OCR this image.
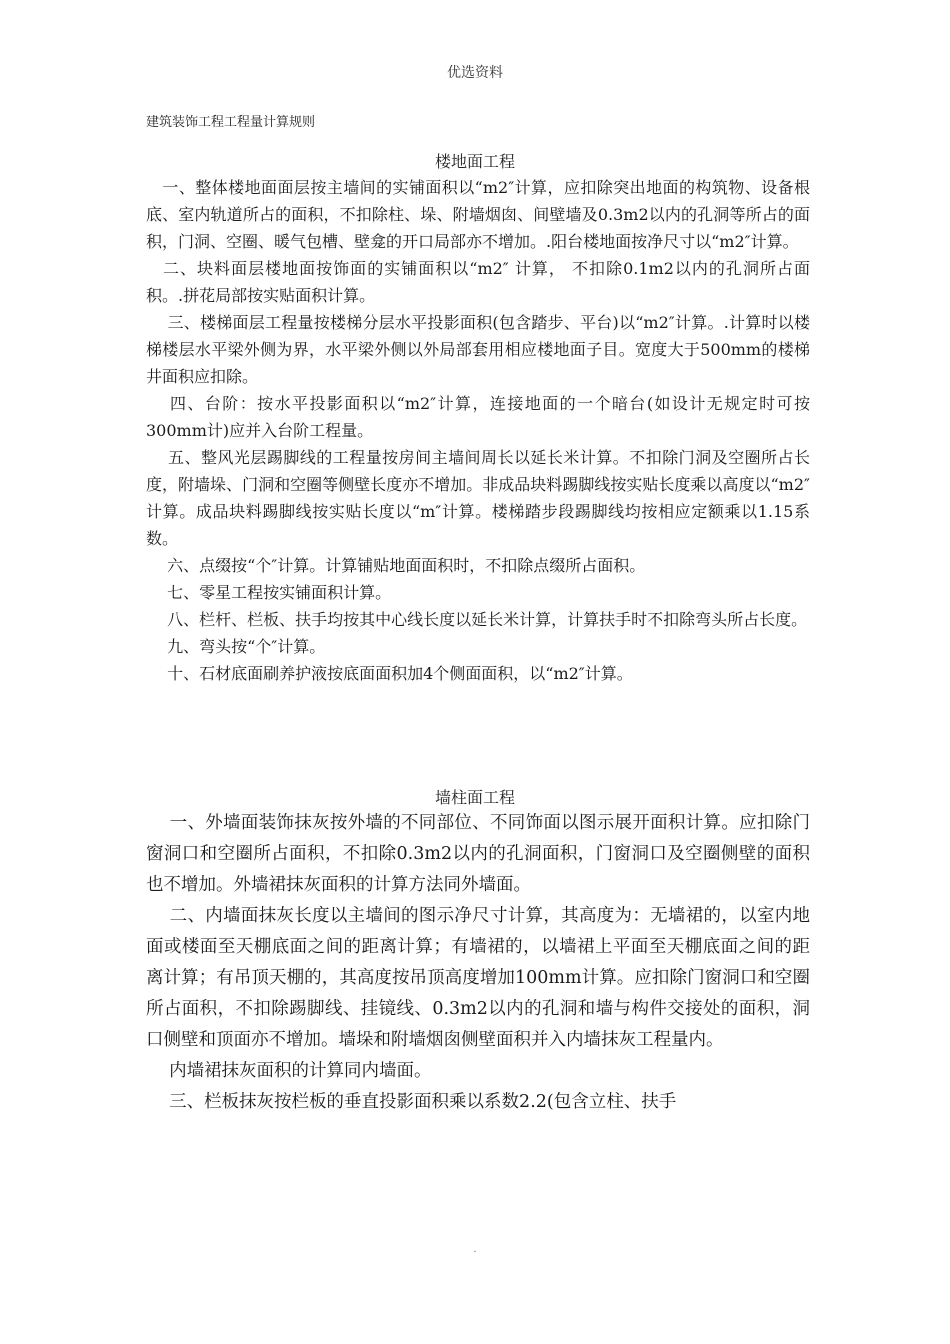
优选资料
建筑装饰工程工程量计算规则
楼地面工程
　一、整体楼地面面层按主墙间的实铺面积以“m2″计算，应扣除突出地面的构筑物、设备根底、室内轨道所占的面积，不扣除柱、垛、附墙烟囱、间壁墙及0.3m2以内的孔洞等所占的面积，门洞、空圈、暖气包槽、壁龛的开口局部亦不增加。.阳台楼地面按净尺寸以“m2″计算。
　二、块料面层楼地面按饰面的实铺面积以“m2″ 计算， 不扣除0.1m2以内的孔洞所占面积。.拼花局部按实贴面积计算。
　 三、楼梯面层工程量按楼梯分层水平投影面积(包含踏步、平台)以“m2″计算。.计算时以楼梯楼层水平梁外侧为界，水平梁外侧以外局部套用相应楼地面子目。宽度大于500mm的楼梯井面积应扣除。
　 四、台阶：按水平投影面积以“m2″计算，连接地面的一个暗台(如设计无规定时可按300mm计)应并入台阶工程量。
　 五、整风光层踢脚线的工程量按房间主墙间周长以延长米计算。不扣除门洞及空圈所占长度，附墙垛、门洞和空圈等侧壁长度亦不增加。非成品块料踢脚线按实贴长度乘以高度以“m2″计算。成品块料踢脚线按实贴长度以“m″计算。楼梯踏步段踢脚线均按相应定额乘以1.15系数。
　 六、点缀按“个″计算。计算铺贴地面面积时，不扣除点缀所占面积。
　 七、零星工程按实铺面积计算。
　 八、栏杆、栏板、扶手均按其中心线长度以延长米计算，计算扶手时不扣除弯头所占长度。
　 九、弯头按“个″计算。
　 十、石材底面刷养护液按底面面积加4个侧面面积，以“m2″计算。
墙柱面工程
　 一、外墙面装饰抹灰按外墙的不同部位、不同饰面以图示展开面积计算。应扣除门窗洞口和空圈所占面积，不扣除0.3m2以内的孔洞面积，门窗洞口及空圈侧壁的面积也不增加。外墙裙抹灰面积的计算方法同外墙面。
　 二、内墙面抹灰长度以主墙间的图示净尺寸计算，其高度为：无墙裙的，以室内地面或楼面至天棚底面之间的距离计算；有墙裙的，以墙裙上平面至天棚底面之间的距离计算；有吊顶天棚的，其高度按吊顶高度增加100mm计算。应扣除门窗洞口和空圈所占面积，不扣除踢脚线、挂镜线、0.3m2以内的孔洞和墙与构件交接处的面积，洞口侧壁和顶面亦不增加。墙垛和附墙烟囱侧壁面积并入内墙抹灰工程量内。
　 内墙裙抹灰面积的计算同内墙面。
　 三、栏板抹灰按栏板的垂直投影面积乘以系数2.2(包含立柱、扶手
.
